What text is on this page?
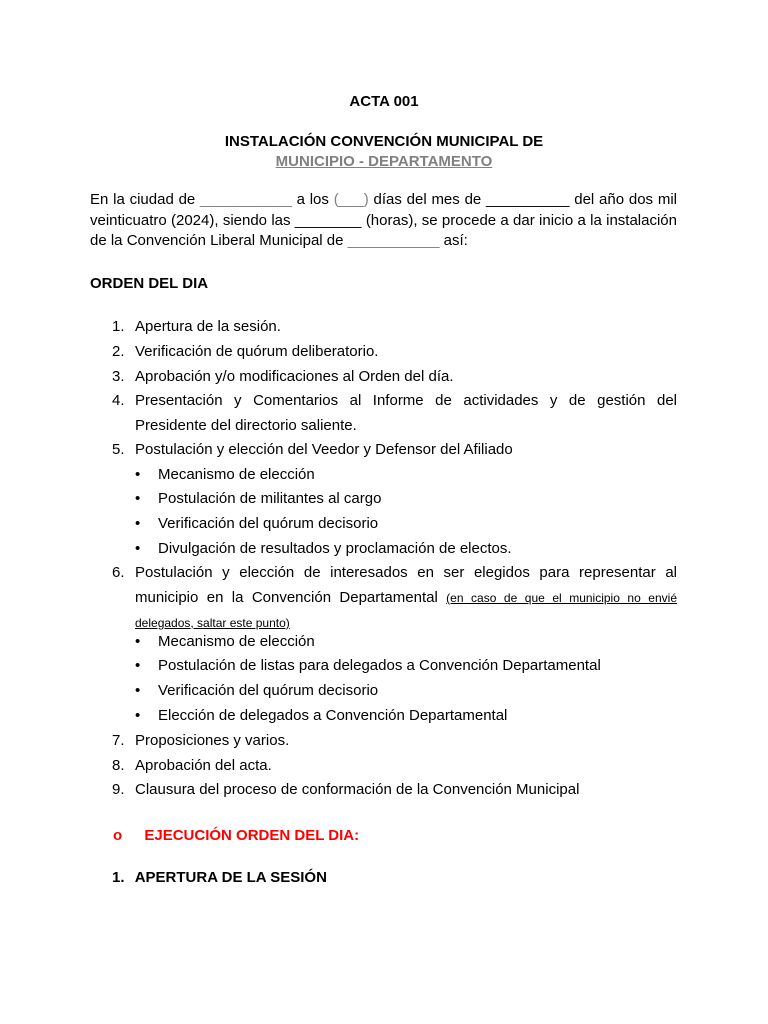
ACTA 001
INSTALACIÓN CONVENCIÓN MUNICIPAL DE
MUNICIPIO - DEPARTAMENTO
En la ciudad de ___________ a los (___) días del mes de __________ del año dos mil veinticuatro (2024), siendo las ________ (horas), se procede a dar inicio a la instalación de la Convención Liberal Municipal de ___________ así:
ORDEN DEL DIA
1. Apertura de la sesión.
2. Verificación de quórum deliberatorio.
3. Aprobación y/o modificaciones al Orden del día.
4. Presentación y Comentarios al Informe de actividades y de gestión del Presidente del directorio saliente.
5. Postulación y elección del Veedor y Defensor del Afiliado
• Mecanismo de elección
• Postulación de militantes al cargo
• Verificación del quórum decisorio
• Divulgación de resultados y proclamación de electos.
6. Postulación y elección de interesados en ser elegidos para representar al municipio en la Convención Departamental (en caso de que el municipio no envié delegados, saltar este punto)
• Mecanismo de elección
• Postulación de listas para delegados a Convención Departamental
• Verificación del quórum decisorio
• Elección de delegados a Convención Departamental
7. Proposiciones y varios.
8. Aprobación del acta.
9. Clausura del proceso de conformación de la Convención Municipal
o EJECUCIÓN ORDEN DEL DIA:
1. APERTURA DE LA SESIÓN
